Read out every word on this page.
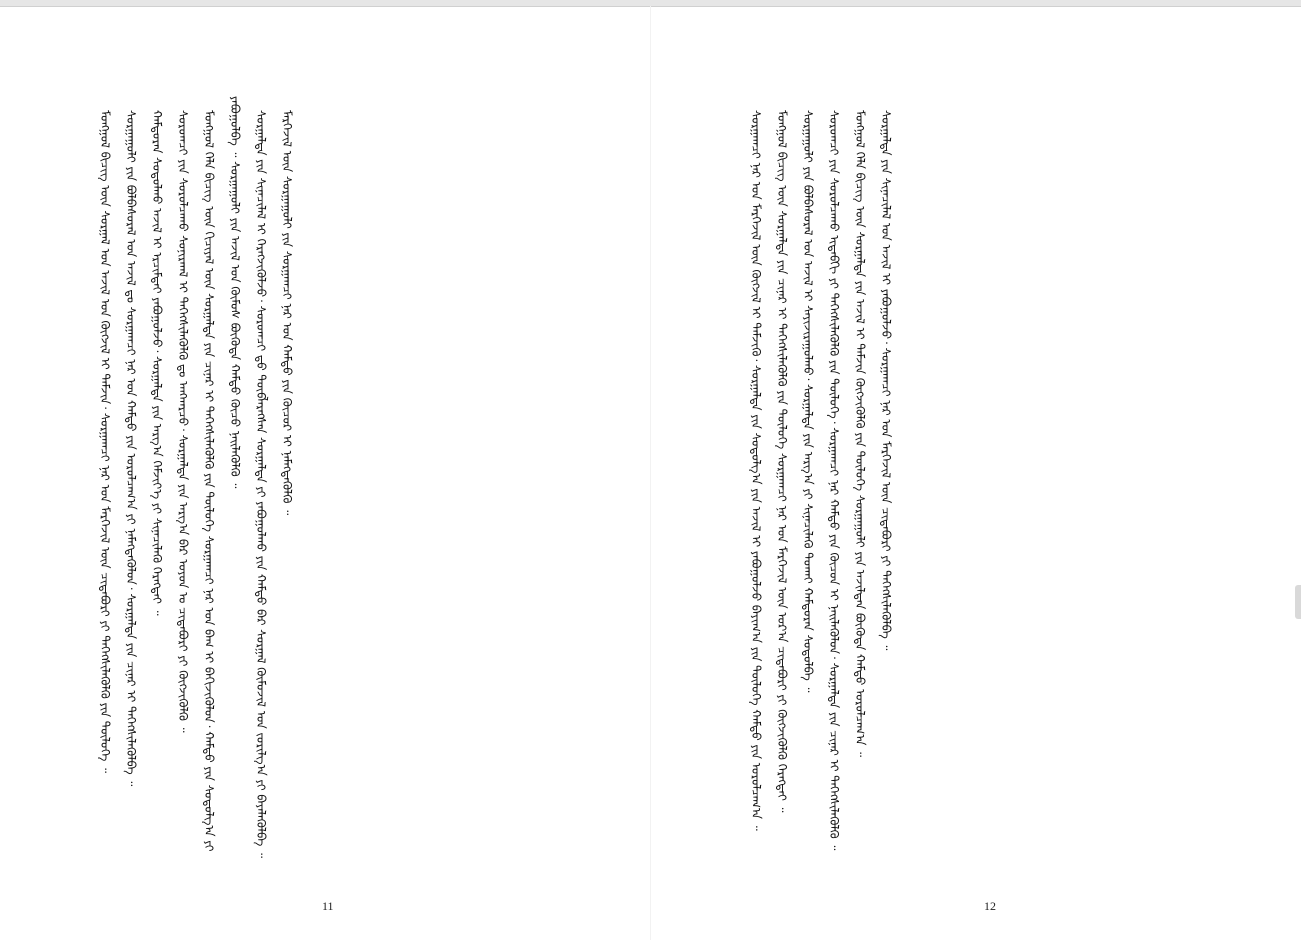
ᠮᠣᠩᠭᠣᠯ ᠪᠢᠴᠢᠭ ᠦᠨ ᠰᠤᠷᠭᠠᠯ ᠤᠨ ᠠᠵᠢᠯ ᠤᠨ ᠬᠦᠭᠵᠢᠯ ᠢ ᠳᠡᠮᠵᠢᠨ᠂ ᠰᠤᠷᠭᠠᠭᠴᠢ ᠨᠠᠷ ᠤᠨ ᠮᠡᠷᠭᠡᠵᠢᠯ ᠦᠨ ᠴᠢᠳᠠᠪᠤᠷᠢ ᠶᠢ ᠳᠡᠭᠡᠭᠰᠢᠯᠡᠭᠦᠯᠬᠦ ᠶᠢᠨ ᠲᠥᠯᠥᠭᠡ ᠃	ᠰᠤᠷᠭᠠᠭᠤᠯᠢ ᠶᠢᠨ ᠪᠣᠯᠪᠠᠰᠤᠷᠠᠯ ᠤᠨ ᠠᠵᠢᠯ ᠳᠤ ᠰᠤᠷᠭᠠᠭᠴᠢ ᠨᠠᠷ ᠤᠨ ᠬᠠᠮᠲᠤ ᠶᠢᠨ ᠣᠷᠤᠯᠴᠠᠭ᠎ᠠ ᠶᠢ ᠨᠡᠮᠡᠭᠳᠡᠭᠦᠯᠦᠨ᠂ ᠰᠤᠷᠭᠠᠯᠲᠠ ᠶᠢᠨ ᠴᠢᠨᠠᠷ ᠢ ᠳᠡᠭᠡᠭᠰᠢᠯᠡᠭᠦᠯᠪᠡ ᠃	ᠬᠠᠮᠲᠤᠷᠠᠨ ᠰᠤᠳᠤᠯᠬᠤ ᠠᠵᠢᠯ ᠢ ᠡᠷᠴᠢᠮᠲᠡᠢ ᠶᠠᠪᠤᠭᠤᠯᠵᠤ᠂ ᠰᠤᠷᠭᠠᠯᠲᠠ ᠶᠢᠨ ᠠᠷᠭ᠎ᠠ ᠬᠡᠮᠵᠢᠶ᠎ᠡ ᠶᠢ ᠰᠢᠨᠡᠴᠢᠯᠡᠬᠦ ᠬᠡᠷᠡᠭᠲᠡᠢ ᠃	ᠰᠤᠷᠤᠭᠴᠢ ᠶᠢᠨ ᠰᠤᠷᠤᠯᠴᠠᠬᠤ ᠰᠣᠨᠢᠷᠬᠠᠯ ᠢ ᠳᠡᠭᠡᠭᠰᠢᠯᠡᠭᠦᠯᠬᠦ ᠳᠤ ᠠᠩᠬᠠᠷᠴᠤ᠂ ᠰᠤᠷᠭᠠᠯᠲᠠ ᠶᠢᠨ ᠠᠷᠭ᠎ᠠ ᠪᠠᠷ ᠣᠶᠤᠨ ᠤ ᠴᠢᠳᠠᠪᠤᠷᠢ ᠶᠢ ᠬᠥᠭᠵᠢᠭᠦᠯᠬᠦ ᠃	ᠮᠣᠩᠭᠣᠯ ᠬᠡᠯᠡ ᠪᠢᠴᠢᠭ ᠦᠨ ᠬᠢᠴᠢᠶᠡᠯ ᠦᠨ ᠰᠤᠷᠭᠠᠯᠲᠠ ᠶᠢᠨ ᠴᠢᠨᠠᠷ ᠢ ᠳᠡᠭᠡᠭᠰᠢᠯᠡᠭᠦᠯᠬᠦ ᠶᠢᠨ ᠲᠥᠯᠥᠭᠡ ᠰᠤᠷᠭᠠᠭᠴᠢ ᠨᠠᠷ ᠤᠨ ᠪᠠᠭ ᠢ ᠪᠡᠬᠢᠵᠢᠭᠦᠯᠦᠨ᠂ ᠬᠠᠮᠲᠤ ᠶᠢᠨ ᠰᠤᠳᠤᠯᠭ᠎ᠠ ᠶᠢ ᠶᠠᠪᠤᠭᠤᠯᠪᠠ ᠃ ᠰᠤᠷᠭᠠᠭᠤᠯᠢ ᠶᠢᠨ ᠠᠵᠢᠯ ᠤᠨ ᠬᠦᠮᠦᠰ ᠪᠦᠭᠦᠳᠡ ᠬᠠᠮᠲᠤ ᠬᠦᠴᠦ ᠨᠡᠢᠯᠡᠭᠦᠯᠬᠦ ᠃	ᠰᠤᠷᠭᠠᠯᠲᠠ ᠶᠢᠨ ᠰᠢᠨᠡᠴᠢᠯᠡᠯ ᠢ ᠬᠡᠷᠡᠭᠵᠢᠭᠦᠯᠵᠦ᠂ ᠰᠤᠷᠤᠭᠴᠢ ᠳ᠋ᠤ ᠲᠥᠪᠯᠡᠷᠡᠭᠰᠡᠨ ᠰᠤᠷᠭᠠᠯᠲᠠ ᠶᠢ ᠶᠠᠪᠤᠭᠤᠯᠬᠤ ᠶᠢᠨ ᠬᠠᠮᠲᠤ ᠪᠡᠷ ᠰᠤᠷᠭᠠᠯ ᠬᠦᠮᠦᠵᠢᠯ ᠤᠨ ᠵᠣᠷᠢᠯᠭ᠎ᠠ ᠶᠢ ᠪᠡᠶᠡᠯᠡᠭᠦᠯᠪᠡ ᠃	ᠮᠡᠷᠭᠡᠵᠢᠯ ᠦᠨ ᠰᠤᠷᠭᠠᠭᠤᠯᠢ ᠶᠢᠨ ᠰᠤᠷᠭᠠᠭᠴᠢ ᠨᠠᠷ ᠤᠨ ᠬᠠᠮᠲᠤ ᠶᠢᠨ ᠬᠦᠴᠦᠷ ᠢ ᠨᠡᠮᠡᠭᠳᠡᠭᠦᠯᠬᠦ ᠃

11

ᠰᠤᠷᠭᠠᠭᠴᠢ ᠨᠠᠷ ᠤᠨ ᠮᠡᠷᠭᠡᠵᠢᠯ ᠦᠨ ᠬᠥᠭᠵᠢᠯ ᠢ ᠳᠡᠮᠵᠢᠬᠦ᠂ ᠰᠤᠷᠭᠠᠯᠲᠠ ᠶᠢᠨ ᠰᠤᠳᠤᠯᠭ᠎ᠠ ᠶᠢᠨ ᠠᠵᠢᠯ ᠢ ᠶᠠᠪᠤᠭᠤᠯᠵᠤ ᠪᠠᠶᠢᠭ᠎ᠠ ᠶᠢᠨ ᠲᠥᠯᠥᠭᠡ ᠬᠠᠮᠲᠤ ᠶᠢᠨ ᠣᠷᠤᠯᠴᠠᠭ᠎ᠠ ᠃	ᠮᠣᠩᠭᠣᠯ ᠪᠢᠴᠢᠭ ᠦᠨ ᠰᠤᠷᠭᠠᠯᠲᠠ ᠶᠢᠨ ᠴᠢᠨᠠᠷ ᠢ ᠳᠡᠭᠡᠭᠰᠢᠯᠡᠭᠦᠯᠬᠦ ᠶᠢᠨ ᠲᠥᠯᠥᠭᠡ ᠰᠤᠷᠭᠠᠭᠴᠢ ᠨᠠᠷ ᠤᠨ ᠮᠡᠷᠭᠡᠵᠢᠯ ᠦᠨ ᠤᠷ᠎ᠠ ᠴᠢᠳᠠᠪᠤᠷᠢ ᠶᠢ ᠬᠥᠭᠵᠢᠭᠦᠯᠬᠦ ᠬᠡᠷᠡᠭᠲᠡᠢ ᠃	ᠰᠤᠷᠭᠠᠭᠤᠯᠢ ᠶᠢᠨ ᠪᠣᠯᠪᠠᠰᠤᠷᠠᠯ ᠤᠨ ᠠᠵᠢᠯ ᠢ ᠰᠠᠶᠢᠵᠢᠷᠠᠭᠤᠯᠬᠤ᠂ ᠰᠤᠷᠭᠠᠯᠲᠠ ᠶᠢᠨ ᠠᠷᠭ᠎ᠠ ᠶᠢ ᠰᠢᠨᠡᠴᠢᠯᠡᠬᠦ ᠲᠤᠬᠠᠢ ᠬᠠᠮᠲᠤᠷᠠᠨ ᠰᠤᠳᠤᠯᠪᠠ ᠃	ᠰᠤᠷᠤᠭᠴᠢ ᠶᠢᠨ ᠰᠤᠷᠤᠯᠴᠠᠬᠤ ᠢᠳᠡᠪᠬᠢ ᠶᠢ ᠳᠡᠭᠡᠭᠰᠢᠯᠡᠭᠦᠯᠬᠦ ᠶᠢᠨ ᠲᠥᠯᠥᠭᠡ᠂ ᠰᠤᠷᠭᠠᠭᠴᠢ ᠨᠠᠷ ᠬᠠᠮᠲᠤ ᠶᠢᠨ ᠬᠦᠴᠦᠨ ᠢ ᠨᠡᠢᠯᠡᠭᠦᠯᠦᠨ᠂ ᠰᠤᠷᠭᠠᠯᠲᠠ ᠶᠢᠨ ᠴᠢᠨᠠᠷ ᠢ ᠳᠡᠭᠡᠭᠰᠢᠯᠡᠭᠦᠯᠬᠦ ᠃	ᠮᠣᠩᠭᠣᠯ ᠬᠡᠯᠡ ᠪᠢᠴᠢᠭ ᠦᠨ ᠰᠤᠷᠭᠠᠯᠲᠠ ᠶᠢᠨ ᠠᠵᠢᠯ ᠢ ᠳᠡᠮᠵᠢᠨ ᠬᠥᠭᠵᠢᠭᠦᠯᠬᠦ ᠶᠢᠨ ᠲᠥᠯᠥᠭᠡ ᠰᠤᠷᠭᠠᠭᠤᠯᠢ ᠶᠢᠨ ᠠᠵᠢᠯᠲᠠᠨ ᠪᠦᠭᠦᠳᠡ ᠬᠠᠮᠲᠤ ᠣᠷᠤᠯᠴᠠᠭ᠎ᠠ ᠃	ᠰᠤᠷᠭᠠᠯᠲᠠ ᠶᠢᠨ ᠰᠢᠨᠡᠴᠢᠯᠡᠯ ᠤᠨ ᠠᠵᠢᠯ ᠢ ᠶᠠᠪᠤᠭᠤᠯᠵᠤ᠂ ᠰᠤᠷᠭᠠᠭᠴᠢ ᠨᠠᠷ ᠤᠨ ᠮᠡᠷᠭᠡᠵᠢᠯ ᠦᠨ ᠴᠢᠳᠠᠪᠤᠷᠢ ᠶᠢ ᠳᠡᠭᠡᠭᠰᠢᠯᠡᠭᠦᠯᠪᠡ ᠃

12
